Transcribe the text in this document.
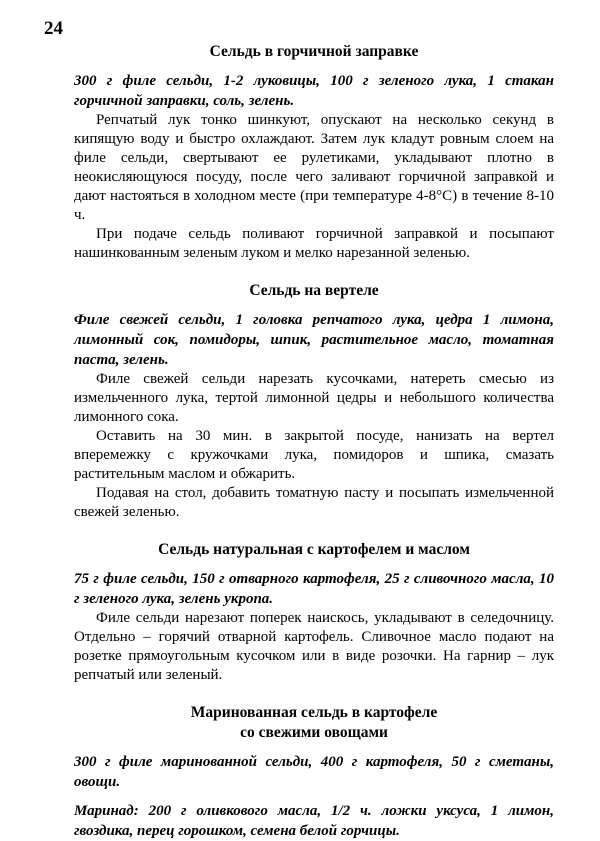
24
Сельдь в горчичной заправке

300 г филе сельди, 1-2 луковицы, 100 г зеленого лука, 1 стакан горчичной заправки, соль, зелень.

Репчатый лук тонко шинкуют, опускают на несколько секунд в кипящую воду и быстро охлаждают. Затем лук кладут ровным слоем на филе сельди, свертывают ее рулетиками, укладывают плотно в неокисляющуюся посуду, после чего заливают горчичной заправкой и дают настояться в холодном месте (при температуре 4-8°С) в течение 8-10 ч.

При подаче сельдь поливают горчичной заправкой и посыпают нашинкованным зеленым луком и мелко нарезанной зеленью.

Сельдь на вертеле

Филе свежей сельди, 1 головка репчатого лука, цедра 1 лимона, лимонный сок, помидоры, шпик, растительное масло, томатная паста, зелень.

Филе свежей сельди нарезать кусочками, натереть смесью из измельченного лука, тертой лимонной цедры и небольшого количества лимонного сока.

Оставить на 30 мин. в закрытой посуде, нанизать на вертел вперемежку с кружочками лука, помидоров и шпика, смазать растительным маслом и обжарить.

Подавая на стол, добавить томатную пасту и посыпать измельченной свежей зеленью.

Сельдь натуральная с картофелем и маслом

75 г филе сельди, 150 г отварного картофеля, 25 г сливочного масла, 10 г зеленого лука, зелень укропа.

Филе сельди нарезают поперек наискось, укладывают в селедочницу. Отдельно – горячий отварной картофель. Сливочное масло подают на розетке прямоугольным кусочком или в виде розочки. На гарнир – лук репчатый или зеленый.

Маринованная сельдь в картофеле
со свежими овощами

300 г филе маринованной сельди, 400 г картофеля, 50 г сметаны, овощи.

Маринад: 200 г оливкового масла, 1/2 ч. ложки уксуса, 1 лимон, гвоздика, перец горошком, семена белой горчицы.
